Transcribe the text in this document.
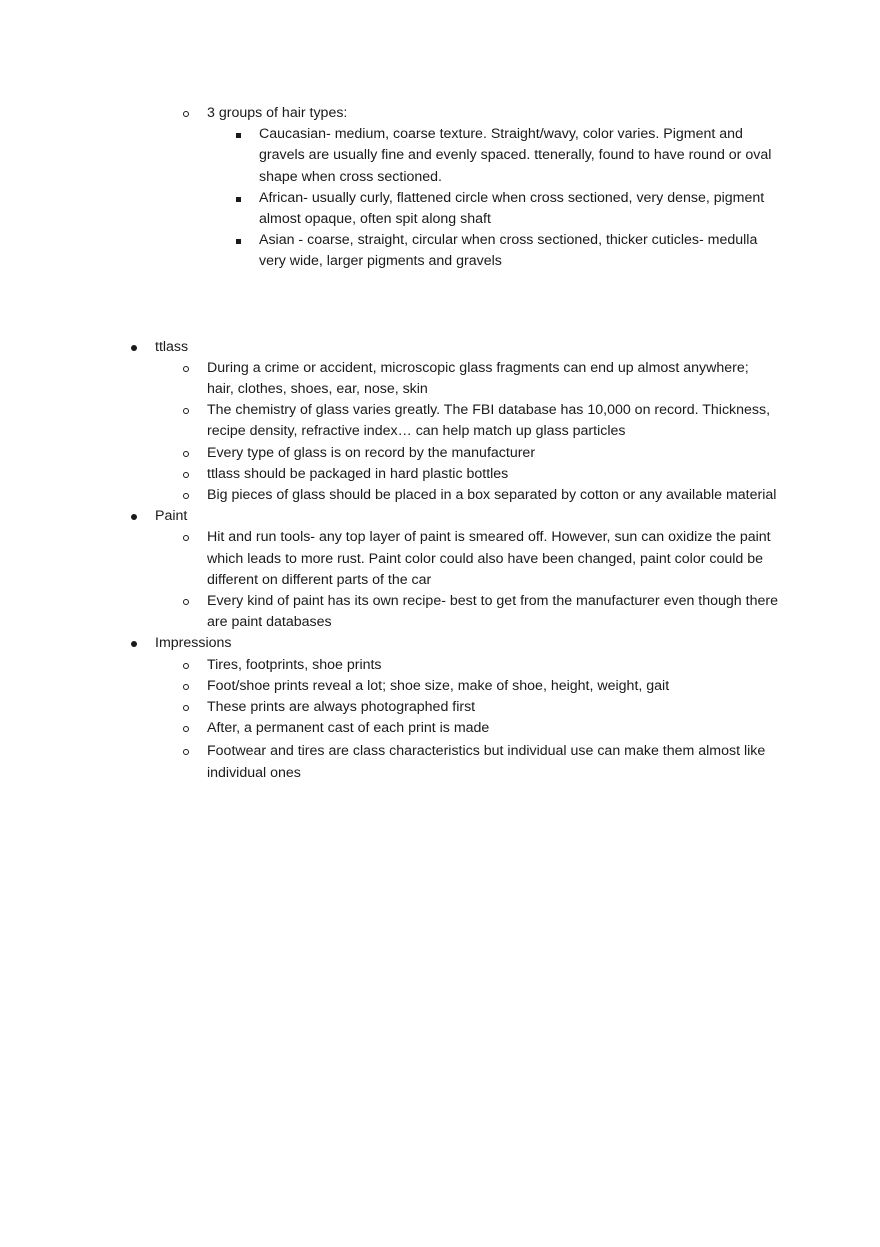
3 groups of hair types:
Caucasian- medium, coarse texture. Straight/wavy, color varies. Pigment and gravels are usually fine and evenly spaced. ttenerally, found to have round or oval shape when cross sectioned.
African- usually curly, flattened circle when cross sectioned, very dense, pigment almost opaque, often spit along shaft
Asian - coarse, straight, circular when cross sectioned, thicker cuticles- medulla very wide, larger pigments and gravels
ttlass
During a crime or accident, microscopic glass fragments can end up almost anywhere; hair, clothes, shoes, ear, nose, skin
The chemistry of glass varies greatly. The FBI database has 10,000 on record. Thickness, recipe density, refractive index… can help match up glass particles
Every type of glass is on record by the manufacturer
ttlass should be packaged in hard plastic bottles
Big pieces of glass should be placed in a box separated by cotton or any available material
Paint
Hit and run tools- any top layer of paint is smeared off. However, sun can oxidize the paint which leads to more rust. Paint color could also have been changed, paint color could be different on different parts of the car
Every kind of paint has its own recipe- best to get from the manufacturer even though there are paint databases
Impressions
Tires, footprints, shoe prints
Foot/shoe prints reveal a lot; shoe size, make of shoe, height, weight, gait
These prints are always photographed first
After, a permanent cast of each print is made
Footwear and tires are class characteristics but individual use can make them almost like individual ones
